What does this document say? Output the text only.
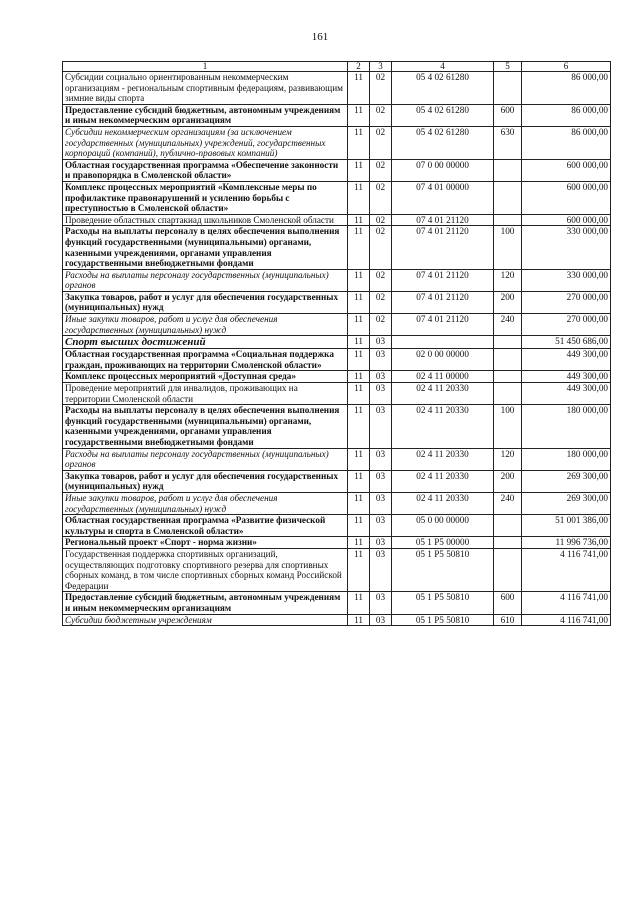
161
1	2	3	4	5	6
Субсидии социально ориентированным некоммерческим организациям - региональным спортивным федерациям, развивающим зимние виды спорта	11	02	05 4 02 61280		86 000,00
Предоставление субсидий бюджетным, автономным учреждениям и иным некоммерческим организациям	11	02	05 4 02 61280	600	86 000,00
Субсидии некоммерческим организациям (за исключением государственных (муниципальных) учреждений, государственных корпораций (компаний), публично-правовых компаний)	11	02	05 4 02 61280	630	86 000,00
Областная государственная программа «Обеспечение законности и правопорядка в Смоленской области»	11	02	07 0 00 00000		600 000,00
Комплекс процессных мероприятий «Комплексные меры по профилактике правонарушений и усилению борьбы с преступностью в Смоленской области»	11	02	07 4 01 00000		600 000,00
Проведение областных спартакиад школьников Смоленской области	11	02	07 4 01 21120		600 000,00
Расходы на выплаты персоналу в целях обеспечения выполнения функций государственными (муниципальными) органами, казенными учреждениями, органами управления государственными внебюджетными фондами	11	02	07 4 01 21120	100	330 000,00
Расходы на выплаты персоналу государственных (муниципальных) органов	11	02	07 4 01 21120	120	330 000,00
Закупка товаров, работ и услуг для обеспечения государственных (муниципальных) нужд	11	02	07 4 01 21120	200	270 000,00
Иные закупки товаров, работ и услуг для обеспечения государственных (муниципальных) нужд	11	02	07 4 01 21120	240	270 000,00
Спорт высших достижений	11	03			51 450 686,00
Областная государственная программа «Социальная поддержка граждан, проживающих на территории Смоленской области»	11	03	02 0 00 00000		449 300,00
Комплекс процессных мероприятий «Доступная среда»	11	03	02 4 11 00000		449 300,00
Проведение мероприятий для инвалидов, проживающих на территории Смоленской области	11	03	02 4 11 20330		449 300,00
Расходы на выплаты персоналу в целях обеспечения выполнения функций государственными (муниципальными) органами, казенными учреждениями, органами управления государственными внебюджетными фондами	11	03	02 4 11 20330	100	180 000,00
Расходы на выплаты персоналу государственных (муниципальных) органов	11	03	02 4 11 20330	120	180 000,00
Закупка товаров, работ и услуг для обеспечения государственных (муниципальных) нужд	11	03	02 4 11 20330	200	269 300,00
Иные закупки товаров, работ и услуг для обеспечения государственных (муниципальных) нужд	11	03	02 4 11 20330	240	269 300,00
Областная государственная программа «Развитие физической культуры и спорта в Смоленской области»	11	03	05 0 00 00000		51 001 386,00
Региональный проект «Спорт - норма жизни»	11	03	05 1 P5 00000		11 996 736,00
Государственная поддержка спортивных организаций, осуществляющих подготовку спортивного резерва для спортивных сборных команд, в том числе спортивных сборных команд Российской Федерации	11	03	05 1 P5 50810		4 116 741,00
Предоставление субсидий бюджетным, автономным учреждениям и иным некоммерческим организациям	11	03	05 1 P5 50810	600	4 116 741,00
Субсидии бюджетным учреждениям	11	03	05 1 P5 50810	610	4 116 741,00
